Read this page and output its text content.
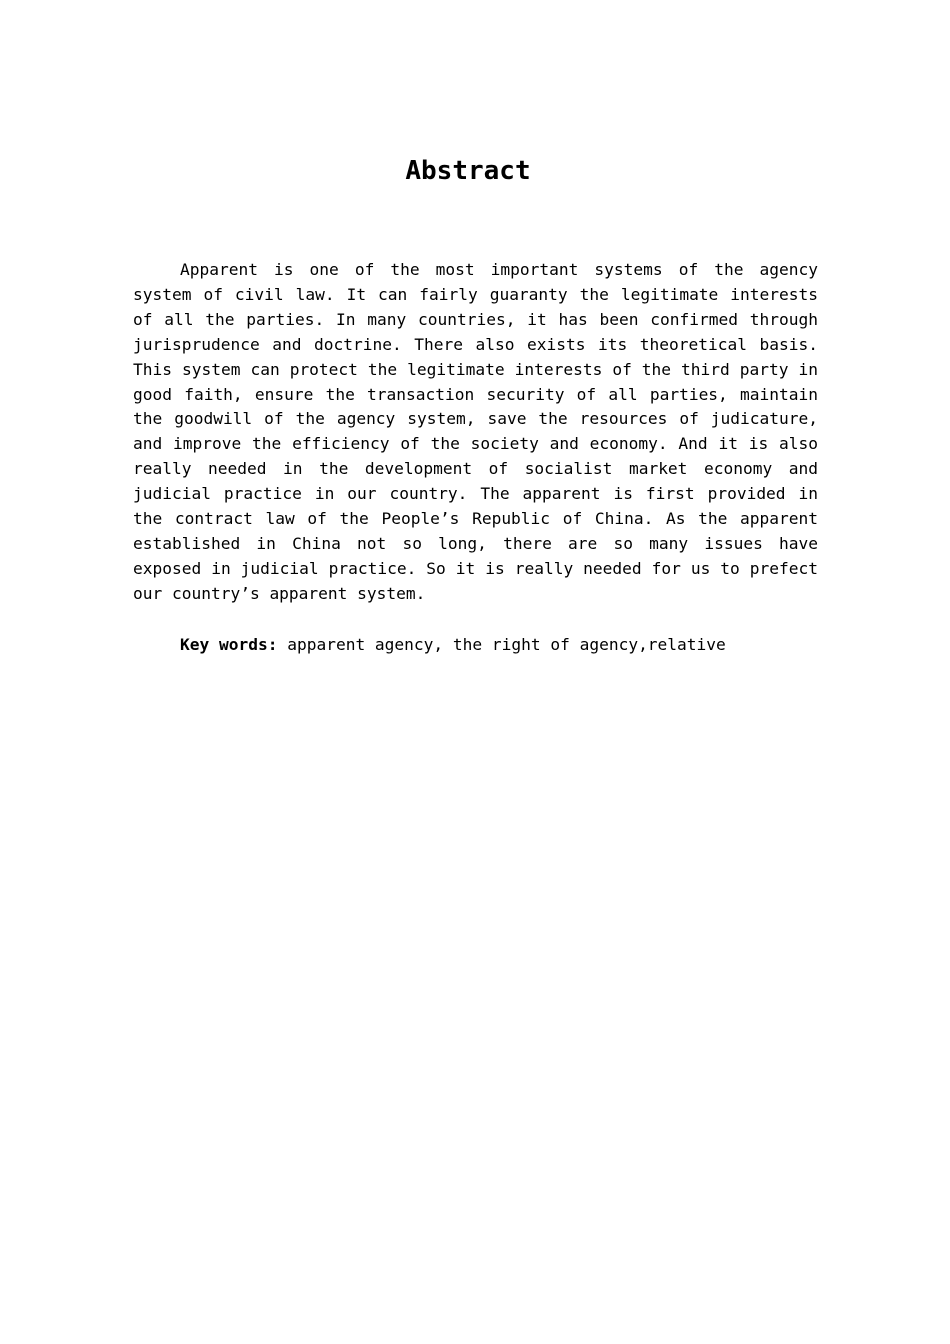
Abstract

Apparent is one of the most important systems of the agency system of civil law. It can fairly guaranty the legitimate interests of all the parties. In many countries, it has been confirmed through jurisprudence and doctrine. There also exists its theoretical basis. This system can protect the legitimate interests of the third party in good faith, ensure the transaction security of all parties, maintain the goodwill of the agency system, save the resources of judicature, and improve the efficiency of the society and economy. And it is also really needed in the development of socialist market economy and judicial practice in our country. The apparent is first provided in the contract law of the People’s Republic of China. As the apparent established in China not so long, there are so many issues have exposed in judicial practice. So it is really needed for us to prefect our country’s apparent system.

Key words: apparent agency, the right of agency,relative
